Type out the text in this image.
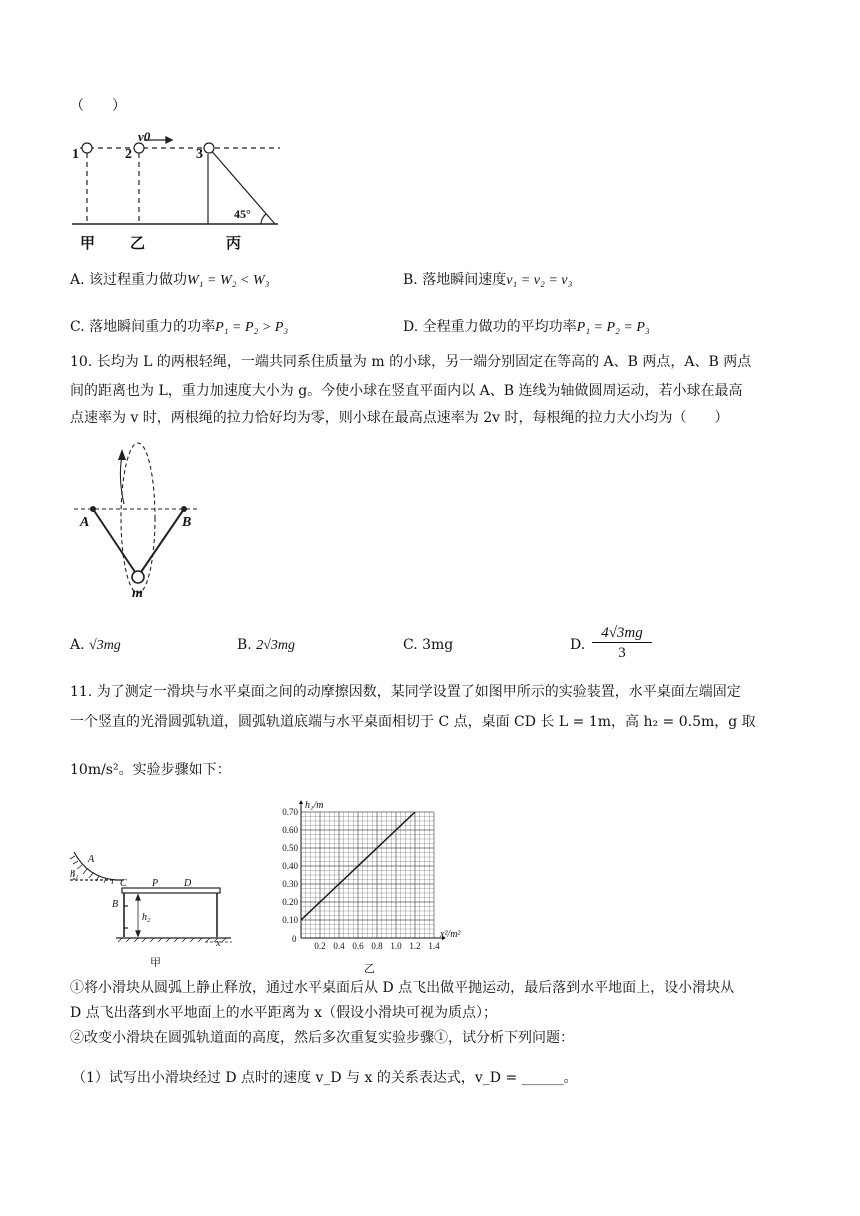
（　　）
1	2	3
v0
45°
甲 乙	丙
A. 该过程重力做功W₁ = W₂ < W₃	B. 落地瞬间速度v₁ = v₂ = v₃
C. 落地瞬间重力的功率P₁ = P₂ > P₃	D. 全程重力做功的平均功率P₁ = P₂ = P₃
10. 长均为 L 的两根轻绳，一端共同系住质量为 m 的小球，另一端分别固定在等高的 A、B 两点，A、B 两点
间的距离也为 L，重力加速度大小为 g。今使小球在竖直平面内以 A、B 连线为轴做圆周运动，若小球在最高
点速率为 v 时，两根绳的拉力恰好均为零，则小球在最高点速率为 2v 时，每根绳的拉力大小均为（　　）
A	B
m
A. √3mg	B. 2√3mg	C. 3mg	D.
4√3mg
3
11. 为了测定一滑块与水平桌面之间的动摩擦因数，某同学设置了如图甲所示的实验装置，水平桌面左端固定
一个竖直的光滑圆弧轨道，圆弧轨道底端与水平桌面相切于 C 点，桌面 CD 长 L = 1m，高 h₂ = 0.5m，g 取
10m/s²。实验步骤如下：
A
h₁
C	P	D
B
h₂
x
甲
0
0.2 0.4 0.6 0.8 1.0 1.2 1.4
0.10
0.20
0.30
0.40
0.50
0.60
0.70
h₁/m
x²/m²
乙
①将小滑块从圆弧上静止释放，通过水平桌面后从 D 点飞出做平抛运动，最后落到水平地面上，设小滑块从
D 点飞出落到水平地面上的水平距离为 x（假设小滑块可视为质点）；
②改变小滑块在圆弧轨道面的高度，然后多次重复实验步骤①，试分析下列问题：
（1）试写出小滑块经过 D 点时的速度 v_D 与 x 的关系表达式，v_D = ______。
